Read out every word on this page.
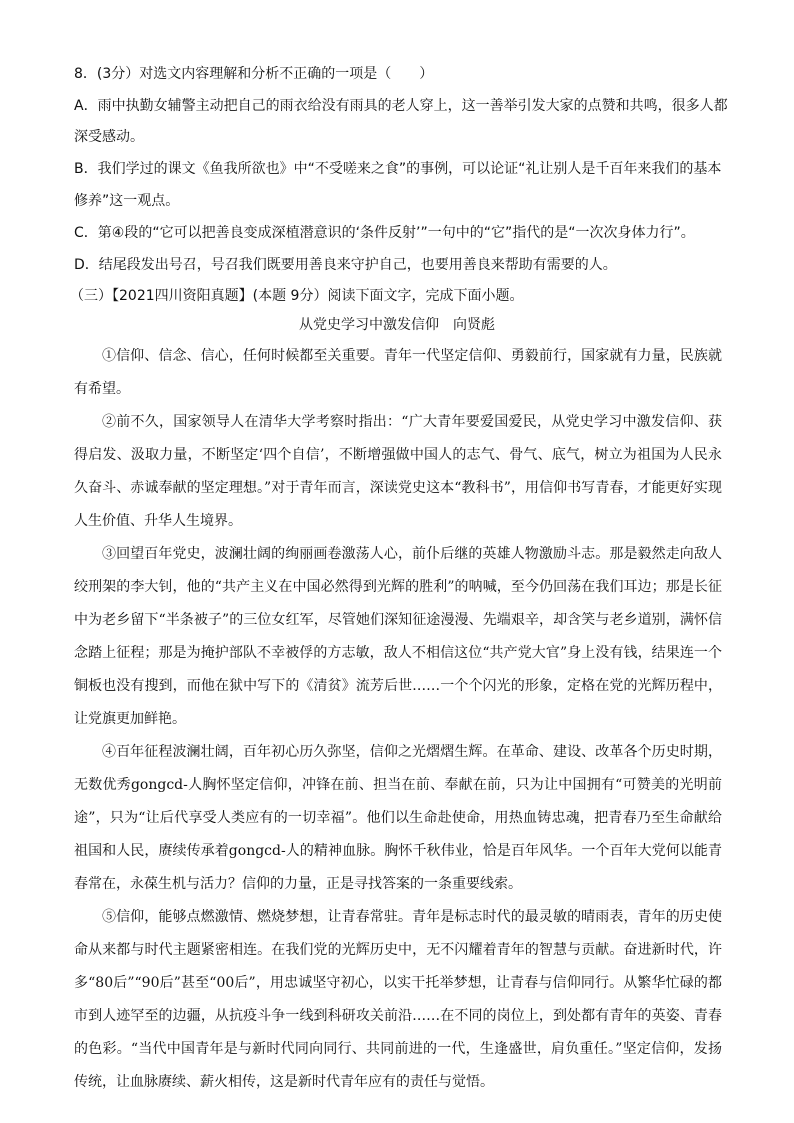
8．(3分）对选文内容理解和分析不正确的一项是（　　）
A．雨中执勤女辅警主动把自己的雨衣给没有雨具的老人穿上，这一善举引发大家的点赞和共鸣，很多人都
深受感动。
B．我们学过的课文《鱼我所欲也》中“不受嗟来之食”的事例，可以论证“礼让别人是千百年来我们的基本
修养”这一观点。
C．第④段的“它可以把善良变成深植潜意识的‘条件反射’”一句中的“它”指代的是“一次次身体力行”。
D．结尾段发出号召，号召我们既要用善良来守护自己，也要用善良来帮助有需要的人。
（三）【2021四川资阳真题】(本题 9分）阅读下面文字，完成下面小题。
从党史学习中激发信仰　向贤彪

①信仰、信念、信心，任何时候都至关重要。青年一代坚定信仰、勇毅前行，国家就有力量，民族就有希望。

②前不久，国家领导人在清华大学考察时指出：“广大青年要爱国爱民，从党史学习中激发信仰、获得启发、汲取力量，不断坚定‘四个自信’，不断增强做中国人的志气、骨气、底气，树立为祖国为人民永久奋斗、赤诚奉献的坚定理想。”对于青年而言，深读党史这本“教科书”，用信仰书写青春，才能更好实现人生价值、升华人生境界。

③回望百年党史，波澜壮阔的绚丽画卷激荡人心，前仆后继的英雄人物激励斗志。那是毅然走向敌人绞刑架的李大钊，他的“共产主义在中国必然得到光辉的胜利”的呐喊，至今仍回荡在我们耳边；那是长征中为老乡留下“半条被子”的三位女红军，尽管她们深知征途漫漫、先端艰辛，却含笑与老乡道别，满怀信念踏上征程；那是为掩护部队不幸被俘的方志敏，敌人不相信这位“共产党大官”身上没有钱，结果连一个铜板也没有搜到，而他在狱中写下的《清贫》流芳后世……一个个闪光的形象，定格在党的光辉历程中，让党旗更加鲜艳。

④百年征程波澜壮阔，百年初心历久弥坚，信仰之光熠熠生辉。在革命、建设、改革各个历史时期，无数优秀gongcd-人胸怀坚定信仰，冲锋在前、担当在前、奉献在前，只为让中国拥有“可赞美的光明前途”，只为“让后代享受人类应有的一切幸福”。他们以生命赴使命，用热血铸忠魂，把青春乃至生命献给祖国和人民，赓续传承着gongcd-人的精神血脉。胸怀千秋伟业，恰是百年风华。一个百年大党何以能青春常在，永葆生机与活力？信仰的力量，正是寻找答案的一条重要线索。

⑤信仰，能够点燃激情、燃烧梦想，让青春常驻。青年是标志时代的最灵敏的晴雨表，青年的历史使命从来都与时代主题紧密相连。在我们党的光辉历史中，无不闪耀着青年的智慧与贡献。奋进新时代，许多“80后”“90后”甚至“00后”，用忠诚坚守初心，以实干托举梦想，让青春与信仰同行。从繁华忙碌的都市到人迹罕至的边疆，从抗疫斗争一线到科研攻关前沿……在不同的岗位上，到处都有青年的英姿、青春的色彩。“当代中国青年是与新时代同向同行、共同前进的一代，生逢盛世，肩负重任。”坚定信仰，发扬传统，让血脉赓续、薪火相传，这是新时代青年应有的责任与觉悟。
